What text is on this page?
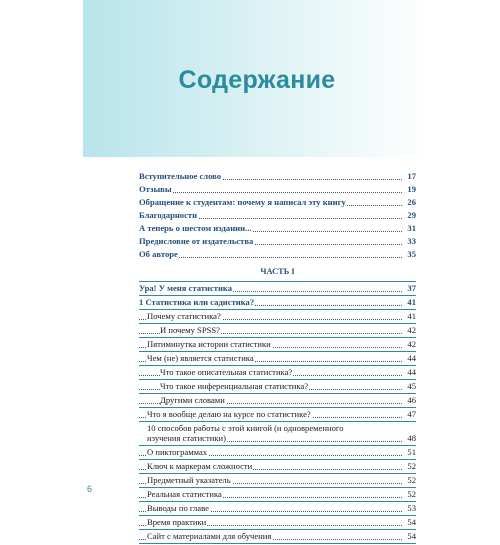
Содержание
Вступительное слово	17
Отзывы	19
Обращение к студентам: почему я написал эту книгу	26
Благодарности	29
А теперь о шестом издании...	31
Предисловие от издательства	33
Об авторе	35
ЧАСТЬ I
Ура! У меня статистика	37
1 Статистика или садистика?	41
Почему статистика?	41
И почему SPSS?	42
Пятиминутка истории статистики	42
Чем (не) является статистика	44
Что такое описательная статистика?	44
Что такое инференциальная статистика?	45
Другими словами	46
Что я вообще делаю на курсе по статистике?	47
10 способов работы с этой книгой (и одновременного
изучения статистики)	48
О пиктограммах	51
Ключ к маркерам сложности	52
Предметный указатель	52
Реальная статистика	52
Выводы по главе	53
Время практики	54
Сайт с материалами для обучения	54
6
